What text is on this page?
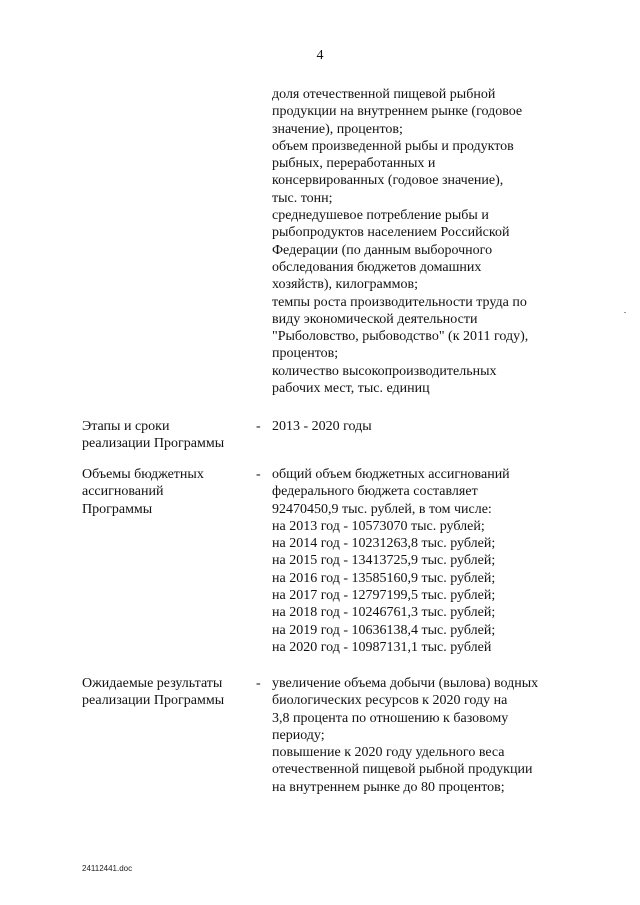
4
доля отечественной пищевой рыбной
продукции на внутреннем рынке (годовое
значение), процентов;
объем произведенной рыбы и продуктов
рыбных, переработанных и
консервированных (годовое значение),
тыс. тонн;
среднедушевое потребление рыбы и
рыбопродуктов населением Российской
Федерации (по данным выборочного
обследования бюджетов домашних
хозяйств), килограммов;
темпы роста производительности труда по
виду экономической деятельности
"Рыболовство, рыбоводство" (к 2011 году),
процентов;
количество высокопроизводительных
рабочих мест, тыс. единиц
Этапы и сроки
реализации Программы
- 2013 - 2020 годы
Объемы бюджетных
ассигнований
Программы
- общий объем бюджетных ассигнований
федерального бюджета составляет
92470450,9 тыс. рублей, в том числе:
на 2013 год - 10573070 тыс. рублей;
на 2014 год - 10231263,8 тыс. рублей;
на 2015 год - 13413725,9 тыс. рублей;
на 2016 год - 13585160,9 тыс. рублей;
на 2017 год - 12797199,5 тыс. рублей;
на 2018 год - 10246761,3 тыс. рублей;
на 2019 год - 10636138,4 тыс. рублей;
на 2020 год - 10987131,1 тыс. рублей
Ожидаемые результаты
реализации Программы
- увеличение объема добычи (вылова) водных
биологических ресурсов к 2020 году на
3,8 процента по отношению к базовому
периоду;
повышение к 2020 году удельного веса
отечественной пищевой рыбной продукции
на внутреннем рынке до 80 процентов;
24112441.doc
